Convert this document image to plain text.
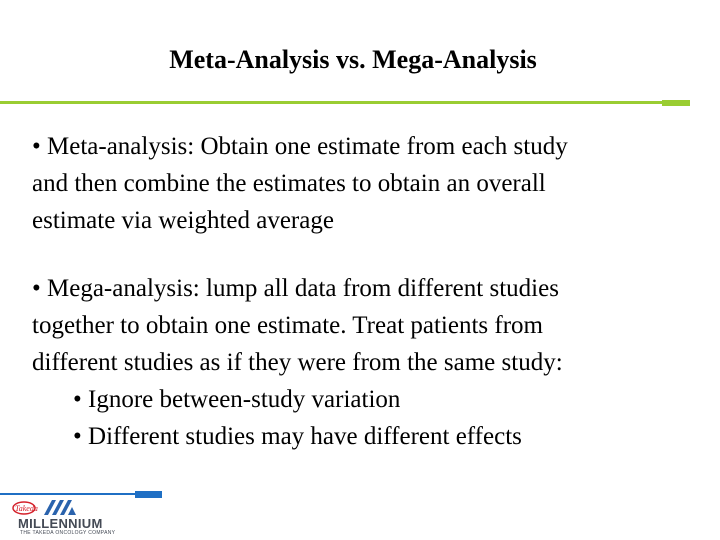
Meta-Analysis vs. Mega-Analysis
• Meta-analysis: Obtain one estimate from each study
and then combine the estimates to obtain an overall
estimate via weighted average
• Mega-analysis: lump all data from different studies
together to obtain one estimate. Treat patients from
different studies as if they were from the same study:
• Ignore between-study variation
• Different studies may have different effects
Takeda
MILLENNIUM
THE TAKEDA ONCOLOGY COMPANY
